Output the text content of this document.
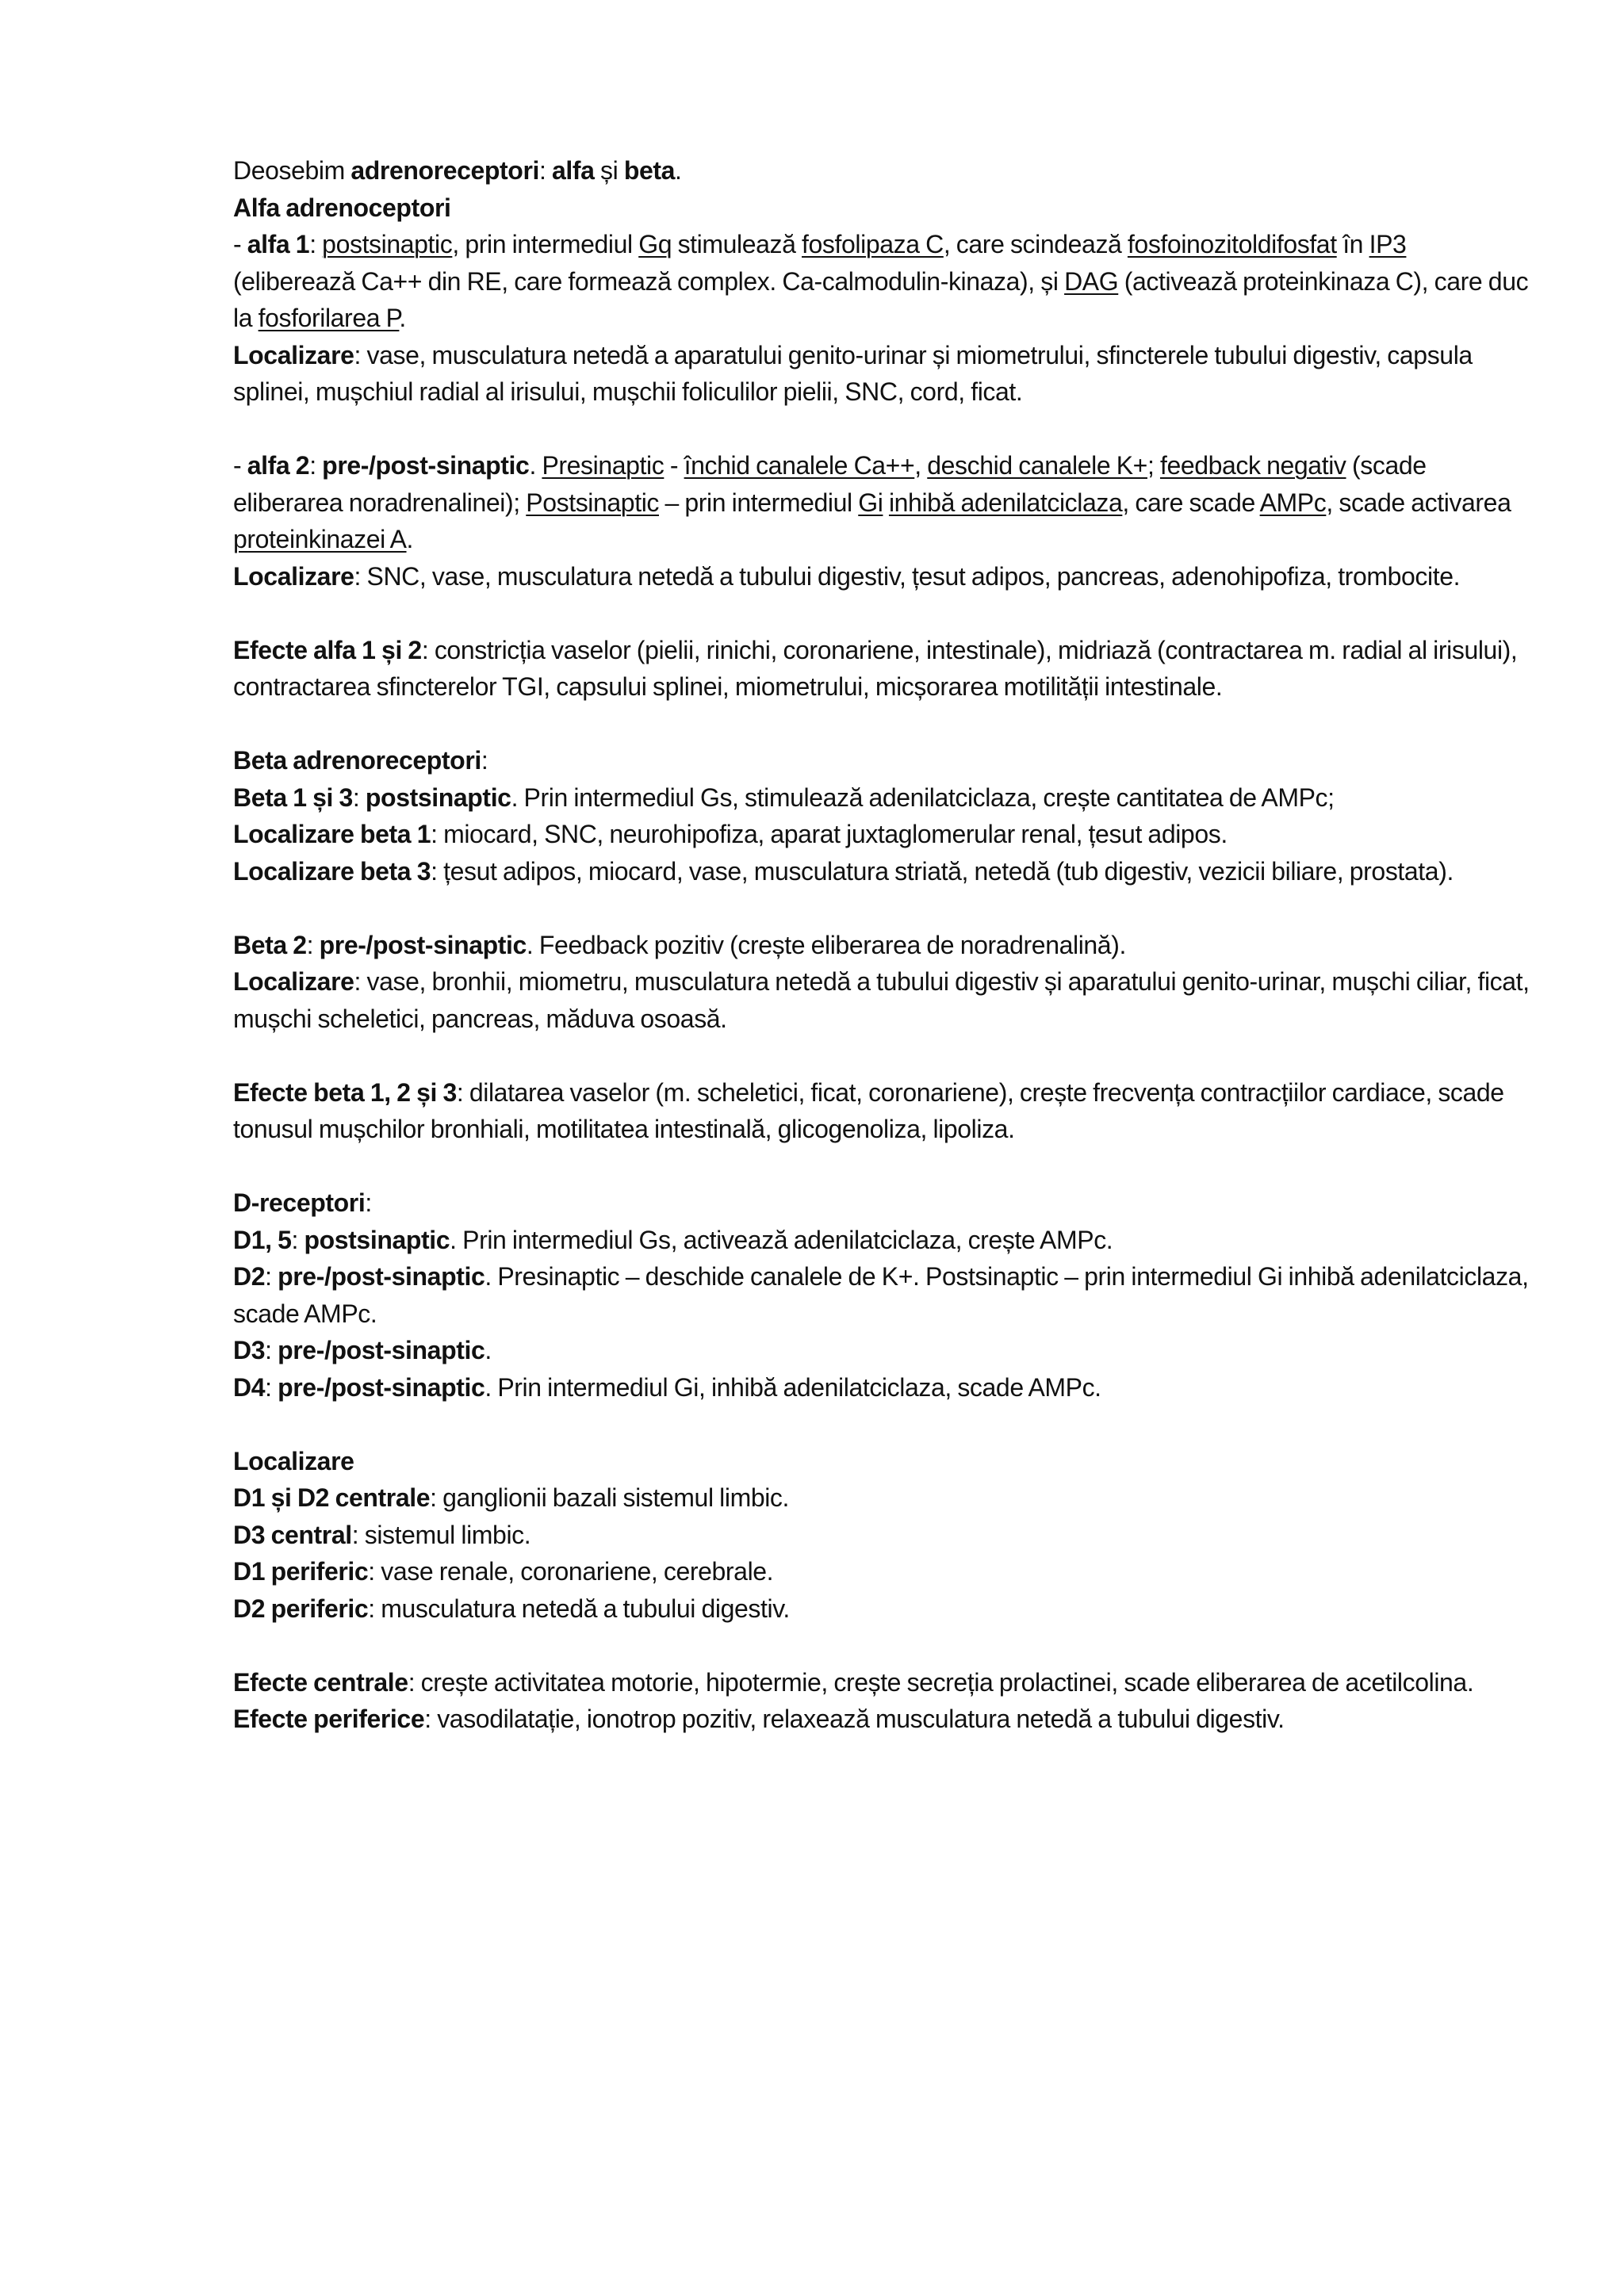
Deosebim adrenoreceptori: alfa și beta.

Alfa adrenoceptori

- alfa 1: postsinaptic, prin intermediul Gq stimulează fosfolipaza C, care scindează fosfoinozitoldifosfat în IP3 (eliberează Ca++ din RE, care formează complex. Ca-calmodulin-kinaza), și DAG (activează proteinkinaza C), care duc la fosforilarea P.

Localizare: vase, musculatura netedă a aparatului genito-urinar și miometrului, sfincterele tubului digestiv, capsula splinei, mușchiul radial al irisului, mușchii foliculilor pielii, SNC, cord, ficat.

- alfa 2: pre-/post-sinaptic. Presinaptic - închid canalele Ca++, deschid canalele K+; feedback negativ (scade eliberarea noradrenalinei); Postsinaptic – prin intermediul Gi inhibă adenilatciclaza, care scade AMPc, scade activarea proteinkinazei A.

Localizare: SNC, vase, musculatura netedă a tubului digestiv, țesut adipos, pancreas, adenohipofiza, trombocite.

Efecte alfa 1 și 2: constricția vaselor (pielii, rinichi, coronariene, intestinale), midriază (contractarea m. radial al irisului), contractarea sfincterelor TGI, capsului splinei, miometrului, micșorarea motilității intestinale.

Beta adrenoreceptori:

Beta 1 și 3: postsinaptic. Prin intermediul Gs, stimulează adenilatciclaza, crește cantitatea de AMPc;

Localizare beta 1: miocard, SNC, neurohipofiza, aparat juxtaglomerular renal, țesut adipos.

Localizare beta 3: țesut adipos, miocard, vase, musculatura striată, netedă (tub digestiv, vezicii biliare, prostata).

Beta 2: pre-/post-sinaptic. Feedback pozitiv (crește eliberarea de noradrenalină).

Localizare: vase, bronhii, miometru, musculatura netedă a tubului digestiv și aparatului genito-urinar, mușchi ciliar, ficat, mușchi scheletici, pancreas, măduva osoasă.

Efecte beta 1, 2 și 3: dilatarea vaselor (m. scheletici, ficat, coronariene), crește frecvența contracțiilor cardiace, scade tonusul mușchilor bronhiali, motilitatea intestinală, glicogenoliza, lipoliza.

D-receptori:

D1, 5: postsinaptic. Prin intermediul Gs, activează adenilatciclaza, crește AMPc.

D2: pre-/post-sinaptic. Presinaptic – deschide canalele de K+. Postsinaptic – prin intermediul Gi inhibă adenilatciclaza, scade AMPc.

D3: pre-/post-sinaptic.

D4: pre-/post-sinaptic. Prin intermediul Gi, inhibă adenilatciclaza, scade AMPc.

Localizare

D1 și D2 centrale: ganglionii bazali sistemul limbic.

D3 central: sistemul limbic.

D1 periferic: vase renale, coronariene, cerebrale.

D2 periferic: musculatura netedă a tubului digestiv.

Efecte centrale: crește activitatea motorie, hipotermie, crește secreția prolactinei, scade eliberarea de acetilcolina.

Efecte periferice: vasodilatație, ionotrop pozitiv, relaxează musculatura netedă a tubului digestiv.
